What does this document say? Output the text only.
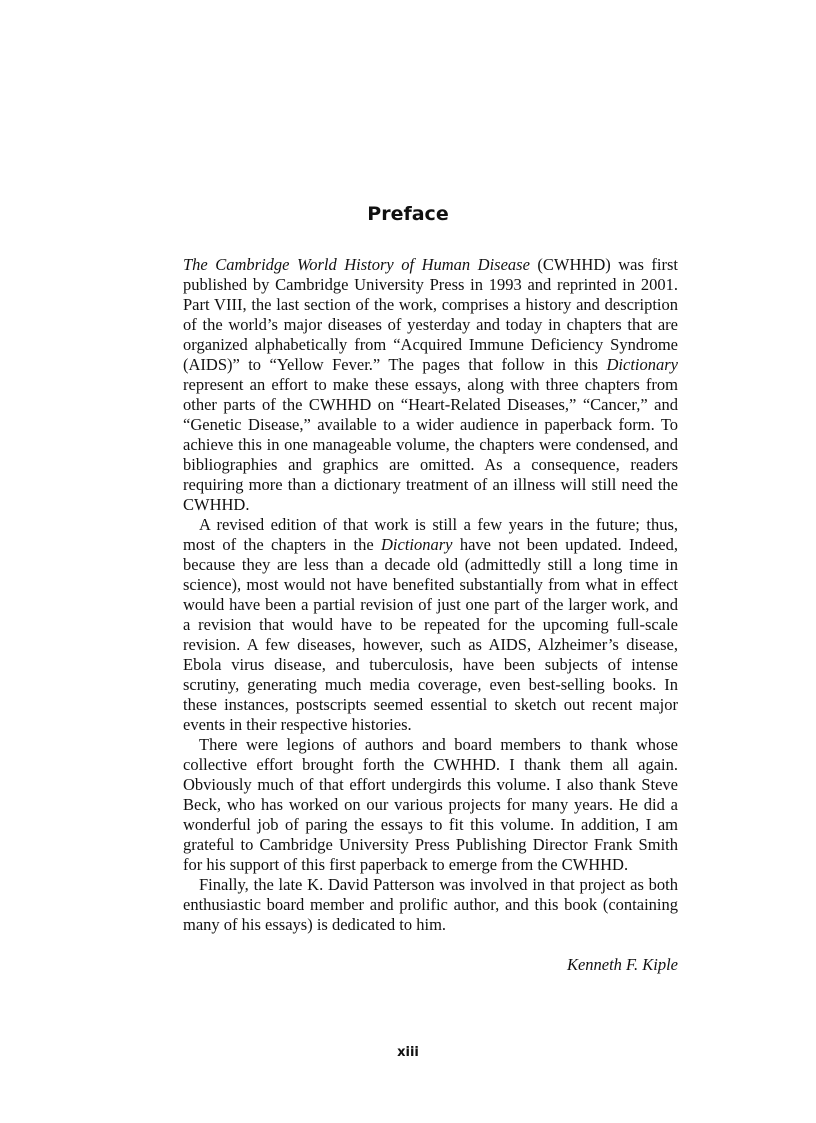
Preface

The Cambridge World History of Human Disease (CWHHD) was first published by Cambridge University Press in 1993 and reprinted in 2001. Part VIII, the last section of the work, comprises a history and description of the world’s major diseases of yesterday and today in chapters that are organized alphabetically from “Acquired Immune Deficiency Syndrome (AIDS)” to “Yellow Fever.” The pages that follow in this Dictionary represent an effort to make these essays, along with three chapters from other parts of the CWHHD on “Heart-Related Diseases,” “Cancer,” and “Genetic Disease,” available to a wider audience in paperback form. To achieve this in one manageable volume, the chapters were condensed, and bibliographies and graphics are omitted. As a consequence, readers requiring more than a dictionary treatment of an illness will still need the CWHHD.

A revised edition of that work is still a few years in the future; thus, most of the chapters in the Dictionary have not been updated. Indeed, because they are less than a decade old (admittedly still a long time in science), most would not have benefited substantially from what in effect would have been a partial revision of just one part of the larger work, and a revision that would have to be repeated for the upcoming full-scale revision. A few diseases, however, such as AIDS, Alzheimer’s disease, Ebola virus disease, and tuberculosis, have been subjects of intense scrutiny, generating much media coverage, even best-selling books. In these instances, postscripts seemed essential to sketch out recent major events in their respective histories.

There were legions of authors and board members to thank whose collective effort brought forth the CWHHD. I thank them all again. Obviously much of that effort undergirds this volume. I also thank Steve Beck, who has worked on our various projects for many years. He did a wonderful job of paring the essays to fit this volume. In addition, I am grateful to Cambridge University Press Publishing Director Frank Smith for his support of this first paperback to emerge from the CWHHD.

Finally, the late K. David Patterson was involved in that project as both enthusiastic board member and prolific author, and this book (containing many of his essays) is dedicated to him.

Kenneth F. Kiple
xiii
